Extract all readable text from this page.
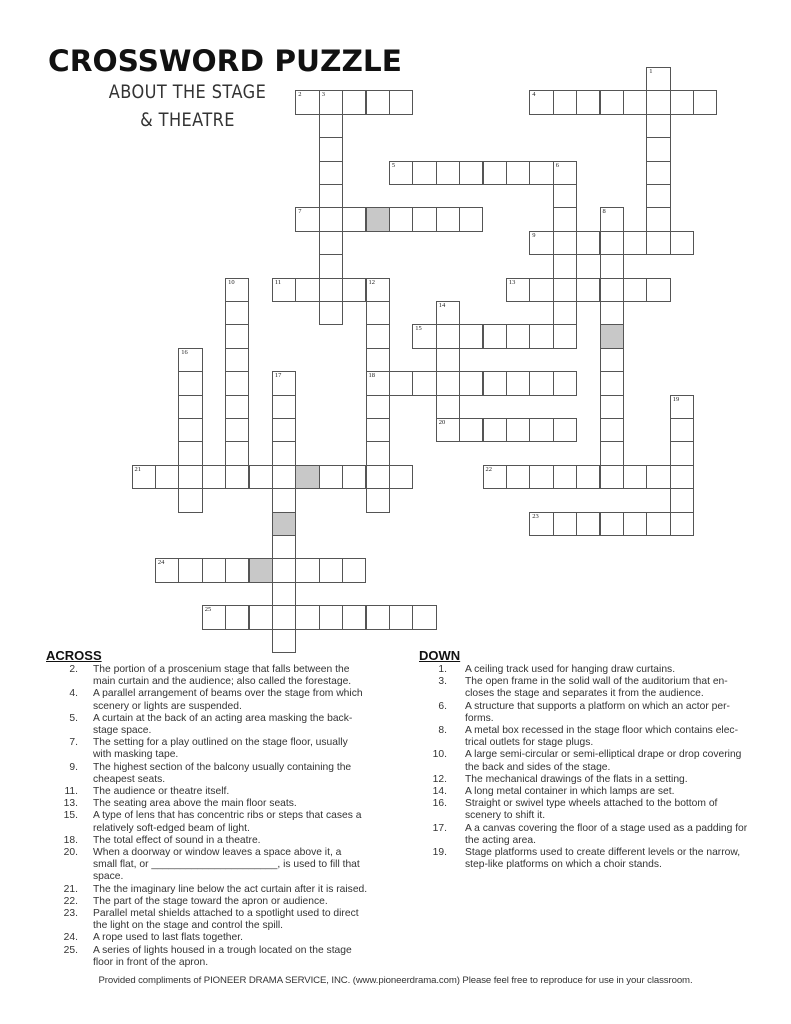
CROSSWORD PUZZLE
ABOUT THE STAGE
& THEATRE
1
2	3	4
5	6
7	8
9
10	11	12
18
13
14
20
15
16
17
19
21	22
23
24
25
ACROSS
2. The portion of a proscenium stage that falls between the main curtain and the audience; also called the forestage.
4. A parallel arrangement of beams over the stage from which scenery or lights are suspended.
5. A curtain at the back of an acting area masking the back-stage space.
7. The setting for a play outlined on the stage floor, usually with masking tape.
9. The highest section of the balcony usually containing the cheapest seats.
11. The audience or theatre itself.
13. The seating area above the main floor seats.
15. A type of lens that has concentric ribs or steps that cases a relatively soft-edged beam of light.
18. The total effect of sound in a theatre.
20. When a doorway or window leaves a space above it, a small flat, or ______________________, is used to fill that space.
21. The the imaginary line below the act curtain after it is raised.
22. The part of the stage toward the apron or audience.
23. Parallel metal shields attached to a spotlight used to direct the light on the stage and control the spill.
24. A rope used to last flats together.
25. A series of lights housed in a trough located on the stage floor in front of the apron.
DOWN
1. A ceiling track used for hanging draw curtains.
3. The open frame in the solid wall of the auditorium that en-closes the stage and separates it from the audience.
6. A structure that supports a platform on which an actor per-forms.
8. A metal box recessed in the stage floor which contains elec-trical outlets for stage plugs.
10. A large semi-circular or semi-elliptical drape or drop covering the back and sides of the stage.
12. The mechanical drawings of the flats in a setting.
14. A long metal container in which lamps are set.
16. Straight or swivel type wheels attached to the bottom of scenery to shift it.
17. A a canvas covering the floor of a stage used as a padding for the acting area.
19. Stage platforms used to create different levels or the narrow, step-like platforms on which a choir stands.
Provided compliments of PIONEER DRAMA SERVICE, INC. (www.pioneerdrama.com) Please feel free to reproduce for use in your classroom.
